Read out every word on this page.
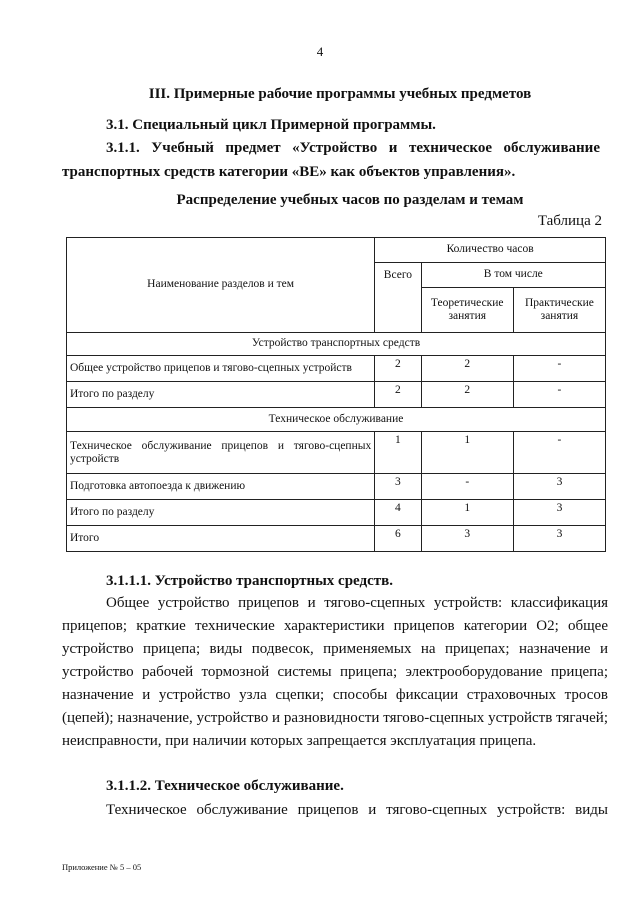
4
III. Примерные рабочие программы учебных предметов
3.1. Специальный цикл Примерной программы.
3.1.1. Учебный предмет «Устройство и техническое обслуживание
транспортных средств категории «ВЕ» как объектов управления».
Распределение учебных часов по разделам и темам
Таблица 2
Наименование разделов и тем	Количество часов		
	Всего	В том числе	
		Теоретические занятия	Практические занятия
Устройство транспортных средств			
Общее устройство прицепов и тягово-сцепных устройств	2	2	-
Итого по разделу	2	2	-
Техническое обслуживание			
Техническое обслуживание прицепов и тягово-сцепных устройств	1	1	-
Подготовка автопоезда к движению	3	-	3
Итого по разделу	4	1	3
Итого	6	3	3
3.1.1.1. Устройство транспортных средств.
Общее устройство прицепов и тягово-сцепных устройств: классификация прицепов; краткие технические характеристики прицепов категории О2; общее устройство прицепа; виды подвесок, применяемых на прицепах; назначение и устройство рабочей тормозной системы прицепа; электрооборудование прицепа; назначение и устройство узла сцепки; способы фиксации страховочных тросов (цепей); назначение, устройство и разновидности тягово-сцепных устройств тягачей; неисправности, при наличии которых запрещается эксплуатация прицепа.
3.1.1.2. Техническое обслуживание.
Техническое обслуживание прицепов и тягово-сцепных устройств: виды
Приложение № 5 – 05
